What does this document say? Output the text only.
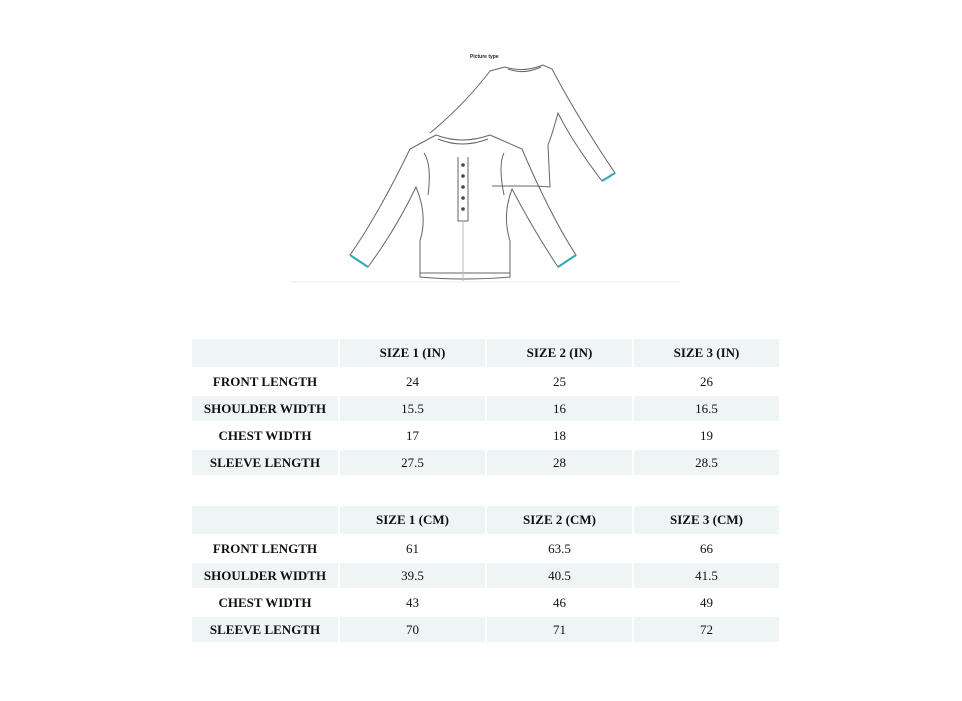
Picture type
	SIZE 1 (IN)	SIZE 2 (IN)	SIZE 3 (IN)
FRONT LENGTH	24	25	26
SHOULDER WIDTH	15.5	16	16.5
CHEST WIDTH	17	18	19
SLEEVE LENGTH	27.5	28	28.5
	SIZE 1 (CM)	SIZE 2 (CM)	SIZE 3 (CM)
FRONT LENGTH	61	63.5	66
SHOULDER WIDTH	39.5	40.5	41.5
CHEST WIDTH	43	46	49
SLEEVE LENGTH	70	71	72
